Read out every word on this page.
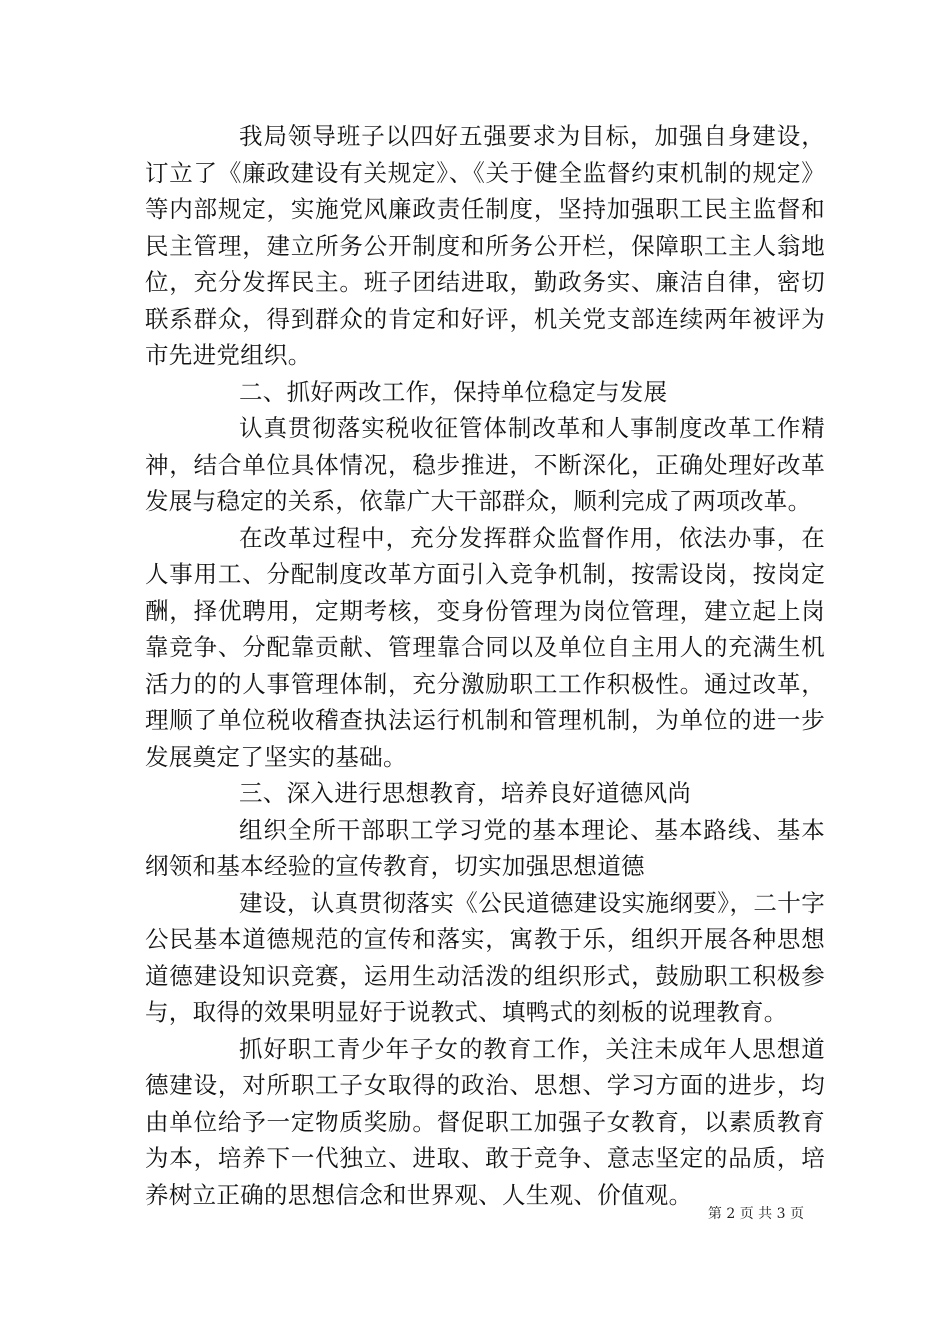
我局领导班子以四好五强要求为目标，加强自身建设，订立了《廉政建设有关规定》、《关于健全监督约束机制的规定》等内部规定，实施党风廉政责任制度，坚持加强职工民主监督和民主管理，建立所务公开制度和所务公开栏，保障职工主人翁地位，充分发挥民主。班子团结进取，勤政务实、廉洁自律，密切联系群众，得到群众的肯定和好评，机关党支部连续两年被评为市先进党组织。

二、抓好两改工作，保持单位稳定与发展

认真贯彻落实税收征管体制改革和人事制度改革工作精神，结合单位具体情况，稳步推进，不断深化，正确处理好改革发展与稳定的关系，依靠广大干部群众，顺利完成了两项改革。

在改革过程中，充分发挥群众监督作用，依法办事，在人事用工、分配制度改革方面引入竞争机制，按需设岗，按岗定酬，择优聘用，定期考核，变身份管理为岗位管理，建立起上岗靠竞争、分配靠贡献、管理靠合同以及单位自主用人的充满生机活力的的人事管理体制，充分激励职工工作积极性。通过改革，理顺了单位税收稽查执法运行机制和管理机制，为单位的进一步发展奠定了坚实的基础。

三、深入进行思想教育，培养良好道德风尚

组织全所干部职工学习党的基本理论、基本路线、基本纲领和基本经验的宣传教育，切实加强思想道德

建设，认真贯彻落实《公民道德建设实施纲要》，二十字公民基本道德规范的宣传和落实，寓教于乐，组织开展各种思想道德建设知识竞赛，运用生动活泼的组织形式，鼓励职工积极参与，取得的效果明显好于说教式、填鸭式的刻板的说理教育。

抓好职工青少年子女的教育工作，关注未成年人思想道德建设，对所职工子女取得的政治、思想、学习方面的进步，均由单位给予一定物质奖励。督促职工加强子女教育，以素质教育为本，培养下一代独立、进取、敢于竞争、意志坚定的品质，培养树立正确的思想信念和世界观、人生观、价值观。

第 2 页 共 3 页
